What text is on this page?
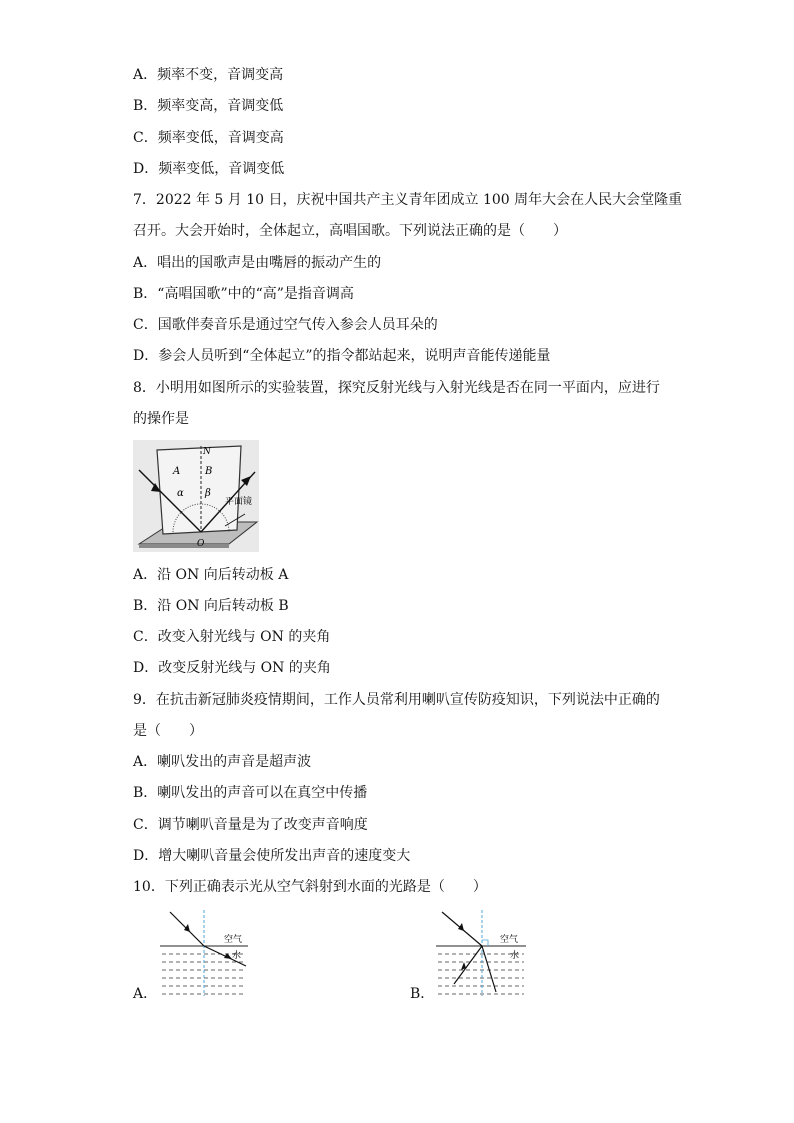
A．频率不变，音调变高
B．频率变高，音调变低
C．频率变低，音调变高
D．频率变低，音调变低
7．2022 年 5 月 10 日，庆祝中国共产主义青年团成立 100 周年大会在人民大会堂隆重
召开。大会开始时，全体起立，高唱国歌。下列说法正确的是（　　）
A．唱出的国歌声是由嘴唇的振动产生的
B．“高唱国歌”中的“高”是指音调高
C．国歌伴奏音乐是通过空气传入参会人员耳朵的
D．参会人员听到“全体起立”的指令都站起来，说明声音能传递能量
8．小明用如图所示的实验装置，探究反射光线与入射光线是否在同一平面内，应进行
的操作是
N
A B
α β
O
平面镜
A．沿 ON 向后转动板 A
B．沿 ON 向后转动板 B
C．改变入射光线与 ON 的夹角
D．改变反射光线与 ON 的夹角
9．在抗击新冠肺炎疫情期间，工作人员常利用喇叭宣传防疫知识，下列说法中正确的
是（　　）
A．喇叭发出的声音是超声波
B．喇叭发出的声音可以在真空中传播
C．调节喇叭音量是为了改变声音响度
D．增大喇叭音量会使所发出声音的速度变大
10．下列正确表示光从空气斜射到水面的光路是（　　）
A．
空气
水
B．
空气
水
